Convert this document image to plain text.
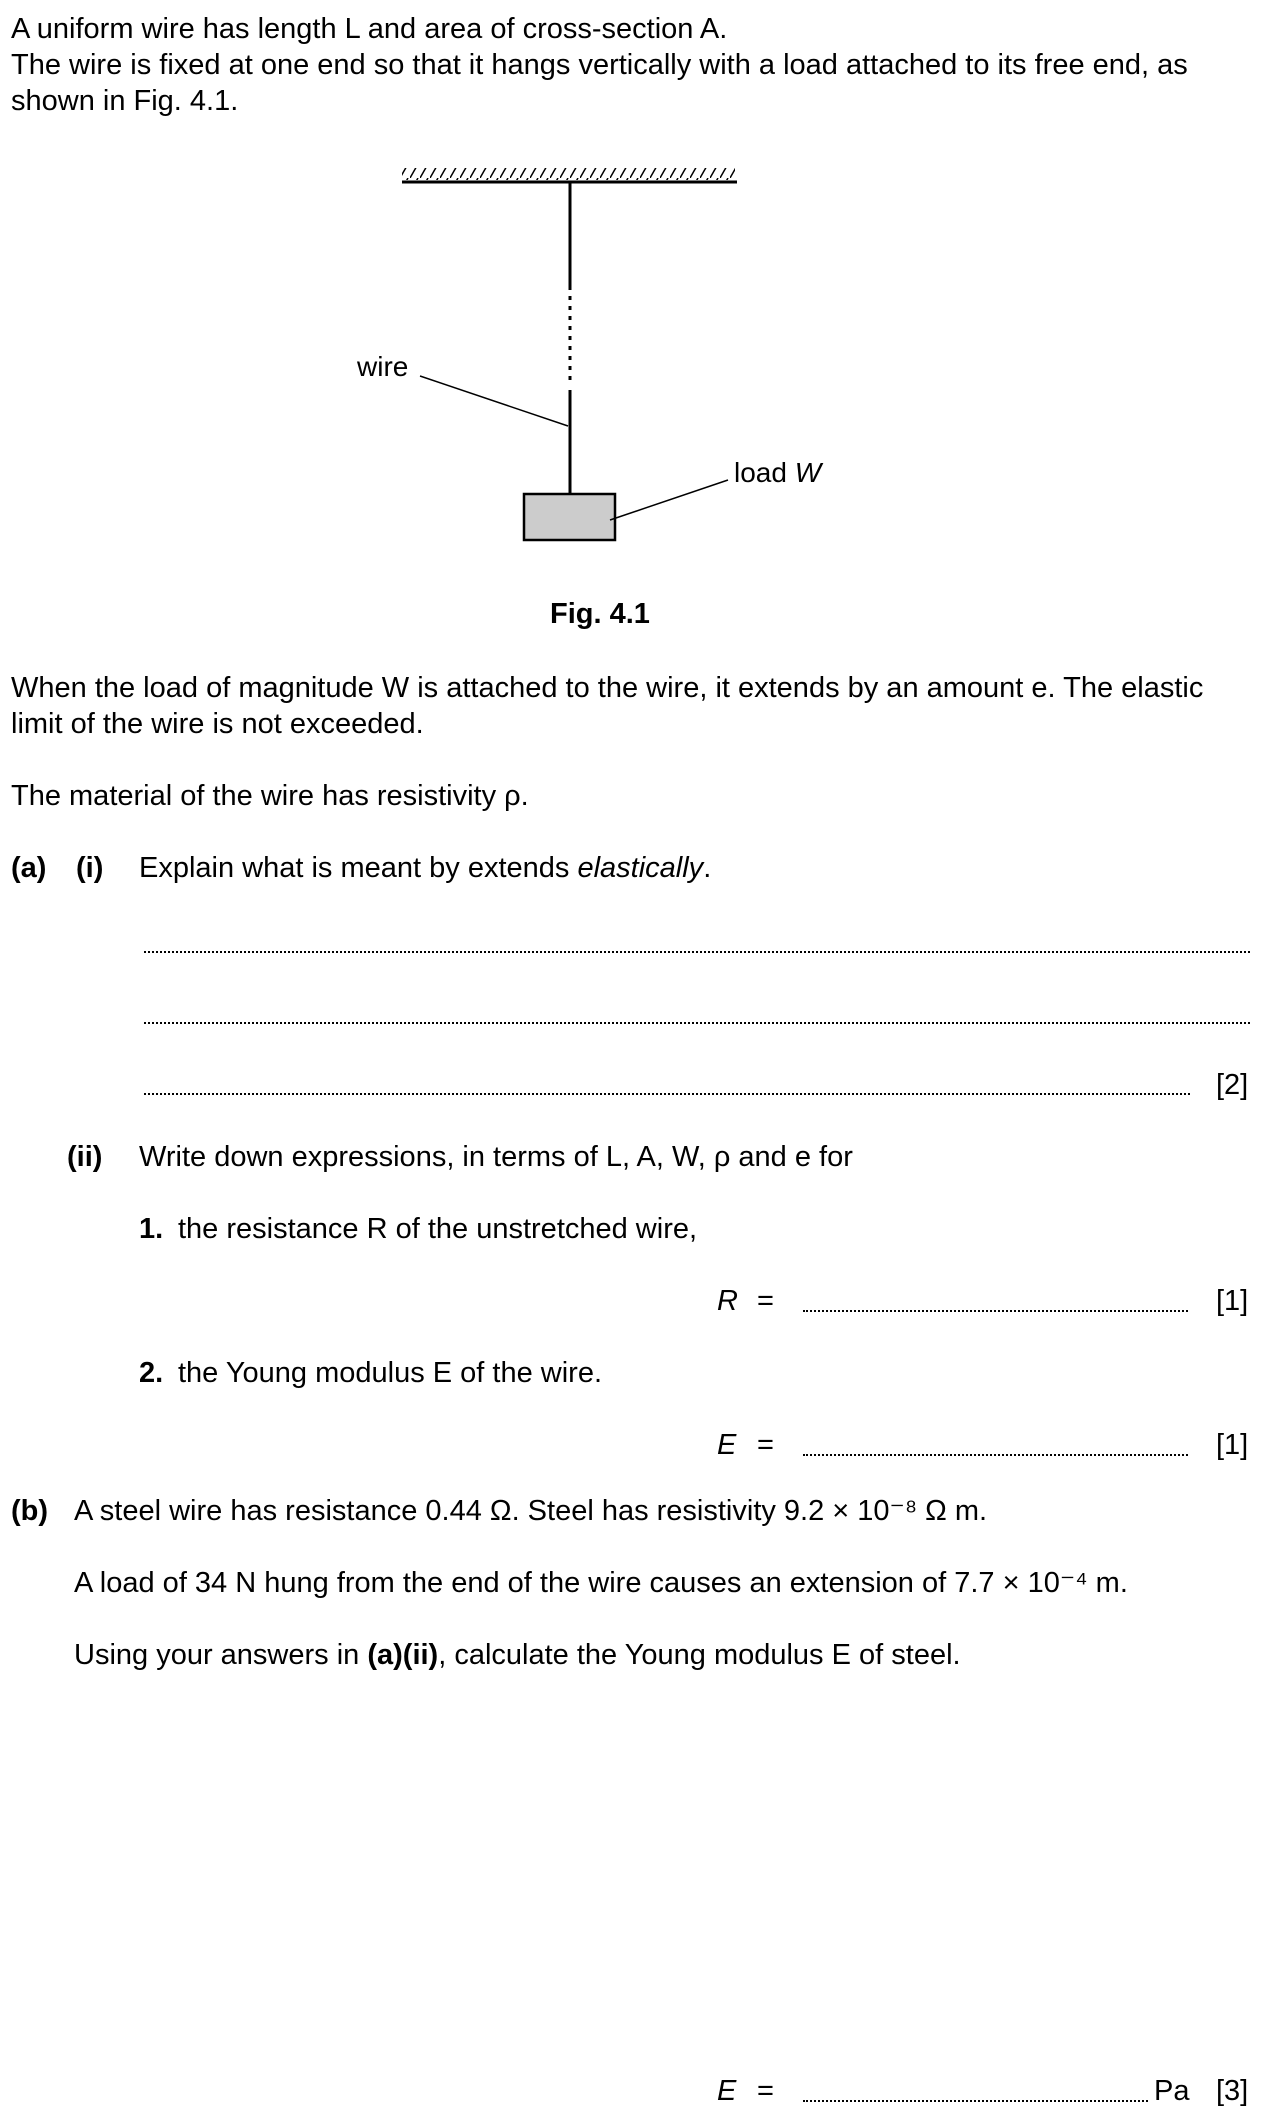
A uniform wire has length L and area of cross-section A.
The wire is fixed at one end so that it hangs vertically with a load attached to its free end, as
shown in Fig. 4.1.
wire
load W
Fig. 4.1
When the load of magnitude W is attached to the wire, it extends by an amount e. The elastic
limit of the wire is not exceeded.
The material of the wire has resistivity ρ.
(a) (i) Explain what is meant by extends elastically.
[2]
(ii) Write down expressions, in terms of L, A, W, ρ and e for
1. the resistance R of the unstretched wire,
R =	[1]
2. the Young modulus E of the wire.
E =	[1]
(b) A steel wire has resistance 0.44 Ω. Steel has resistivity 9.2 × 10⁻⁸ Ω m.
A load of 34 N hung from the end of the wire causes an extension of 7.7 × 10⁻⁴ m.
Using your answers in (a)(ii), calculate the Young modulus E of steel.
E =	Pa [3]
